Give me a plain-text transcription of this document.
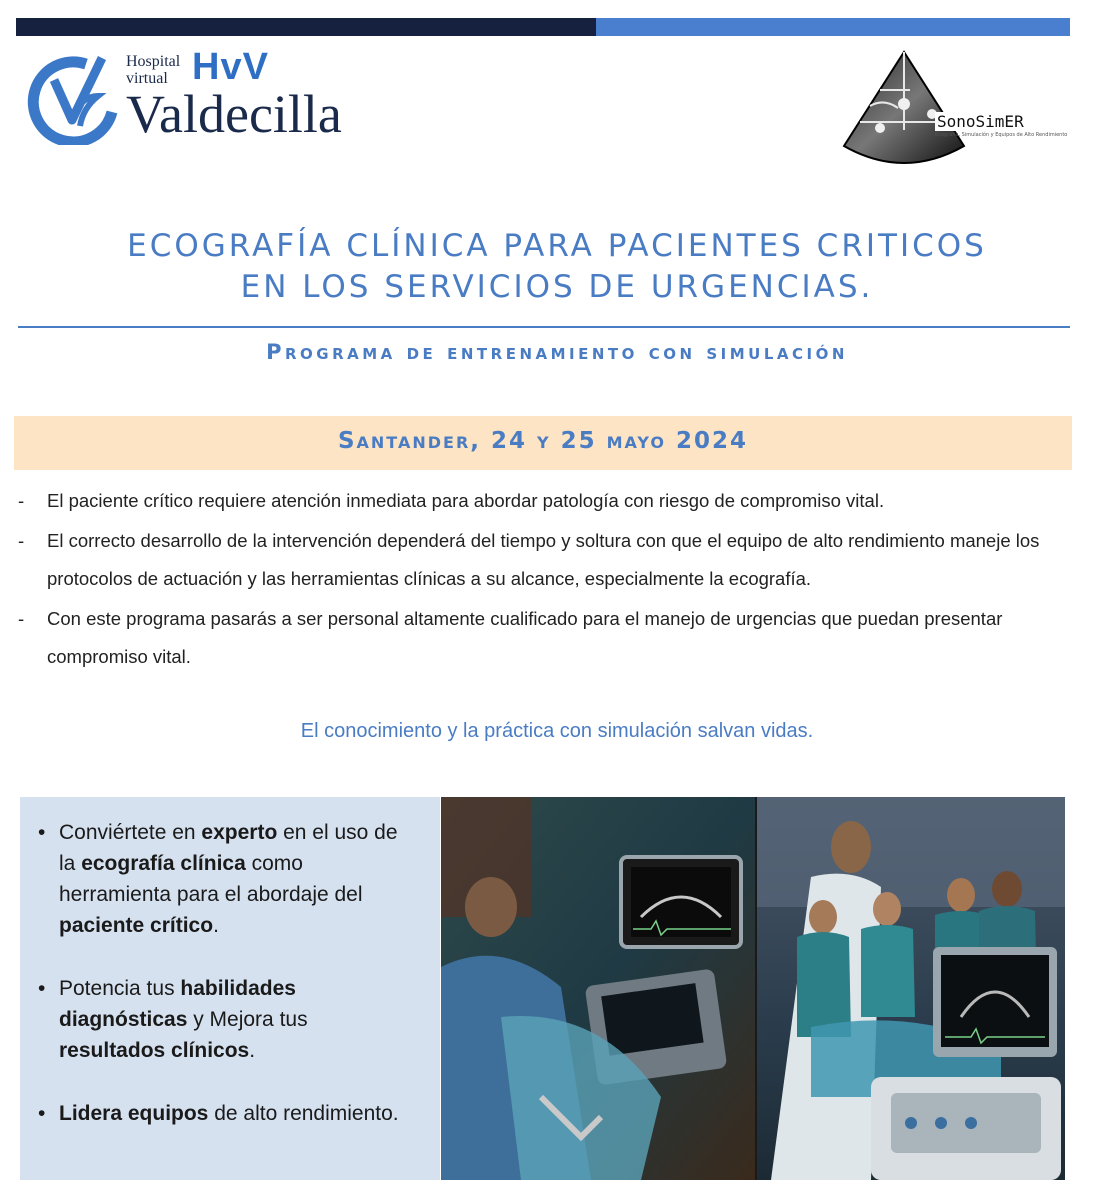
Hospital
virtual HvV
Valdecilla	SonoSimER
Ecografía, Simulación y Equipos de Alto Rendimiento
ECOGRAFÍA CLÍNICA PARA PACIENTES CRITICOS
EN LOS SERVICIOS DE URGENCIAS.
Programa de entrenamiento con simulación
Santander, 24 y 25 mayo 2024
- El paciente crítico requiere atención inmediata para abordar patología con riesgo de compromiso vital.
- El correcto desarrollo de la intervención dependerá del tiempo y soltura con que el equipo de alto rendimiento maneje los protocolos de actuación y las herramientas clínicas a su alcance, especialmente la ecografía.
- Con este programa pasarás a ser personal altamente cualificado para el manejo de urgencias que puedan presentar compromiso vital.
El conocimiento y la práctica con simulación salvan vidas.
• Conviértete en experto en el uso de la ecografía clínica como herramienta para el abordaje del paciente crítico.
• Potencia tus habilidades diagnósticas y Mejora tus resultados clínicos.
• Lidera equipos de alto rendimiento.
